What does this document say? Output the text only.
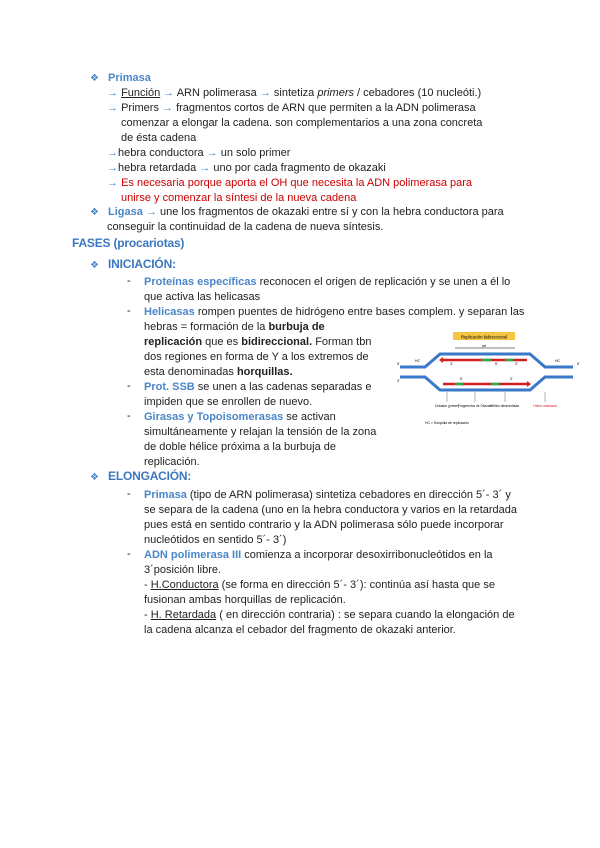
❖ Primasa
→ Función → ARN polimerasa → sintetiza primers / cebadores (10 nucleóti.)
→ Primers → fragmentos cortos de ARN que permiten a la ADN polimerasa
comenzar a elongar la cadena. son complementarios a una zona concreta
de ésta cadena
→hebra conductora → un solo primer
→hebra retardada → uno por cada fragmento de okazaki
→ Es necesaria porque aporta el OH que necesita la ADN polimerasa para
unirse y comenzar la síntesi de la nueva cadena
❖ Ligasa → une los fragmentos de okazaki entre sí y con la hebra conductora para
conseguir la continuidad de la cadena de nueva síntesis.
FASES (procariotas)
❖ INICIACIÓN:
- Proteínas específicas reconocen el origen de replicación y se unen a él lo
que activa las helicasas
- Helicasas rompen puentes de hidrógeno entre bases complem. y separan las
hebras = formación de la burbuja de
replicación que es bidireccional. Forman tbn
dos regiones en forma de Y a los extremos de
esta denominadas horquillas.
- Prot. SSB se unen a las cadenas separadas e
impiden que se enrollen de nuevo.
- Girasas y Topoisomerasas se activan
simultáneamente y relajan la tensión de la zona
de doble hélice próxima a la burbuja de
replicación.
Replicación bidireccional
ori
5'
3'
3'
5'
5'	3'
3'
5'
HC	HC
Cebador (primer)
Fragmentos de Okazaki Hélice desenrollada	Hebra retardada
HC = Horquilla de replicación
❖ ELONGACIÓN:
- Primasa (tipo de ARN polimerasa) sintetiza cebadores en dirección 5´- 3´ y
se separa de la cadena (uno en la hebra conductora y varios en la retardada
pues está en sentido contrario y la ADN polimerasa sólo puede incorporar
nucleótidos en sentido 5´- 3´)
- ADN polimerasa III comienza a incorporar desoxirribonucleótidos en la
3´posición libre.
- H.Conductora (se forma en dirección 5´- 3´): continúa así hasta que se
fusionan ambas horquillas de replicación.
- H. Retardada ( en dirección contraria) : se separa cuando la elongación de
la cadena alcanza el cebador del fragmento de okazaki anterior.
